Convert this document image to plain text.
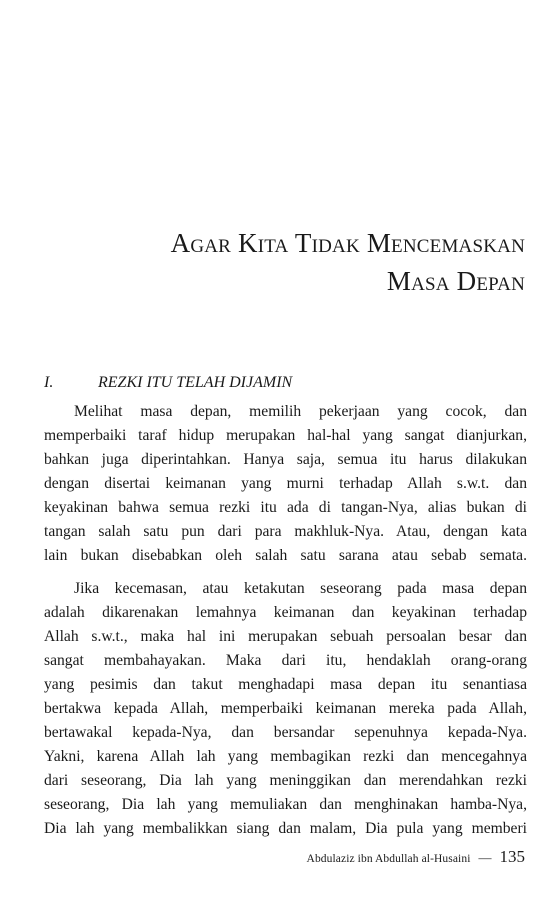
Agar Kita Tidak Mencemaskan
Masa Depan
I.	REZKI ITU TELAH DIJAMIN
Melihat masa depan, memilih pekerjaan yang cocok, dan
memperbaiki taraf hidup merupakan hal-hal yang sangat dianjurkan,
bahkan juga diperintahkan. Hanya saja, semua itu harus dilakukan
dengan disertai keimanan yang murni terhadap Allah s.w.t. dan
keyakinan bahwa semua rezki itu ada di tangan-Nya, alias bukan di
tangan salah satu pun dari para makhluk-Nya. Atau, dengan kata
lain bukan disebabkan oleh salah satu sarana atau sebab semata.
Jika kecemasan, atau ketakutan seseorang pada masa depan
adalah dikarenakan lemahnya keimanan dan keyakinan terhadap
Allah s.w.t., maka hal ini merupakan sebuah persoalan besar dan
sangat membahayakan. Maka dari itu, hendaklah orang-orang
yang pesimis dan takut menghadapi masa depan itu senantiasa
bertakwa kepada Allah, memperbaiki keimanan mereka pada Allah,
bertawakal kepada-Nya, dan bersandar sepenuhnya kepada-Nya.
Yakni, karena Allah lah yang membagikan rezki dan mencegahnya
dari seseorang, Dia lah yang meninggikan dan merendahkan rezki
seseorang, Dia lah yang memuliakan dan menghinakan hamba-Nya,
Dia lah yang membalikkan siang dan malam, Dia pula yang memberi
Abdulaziz ibn Abdullah al-Husaini — 135
